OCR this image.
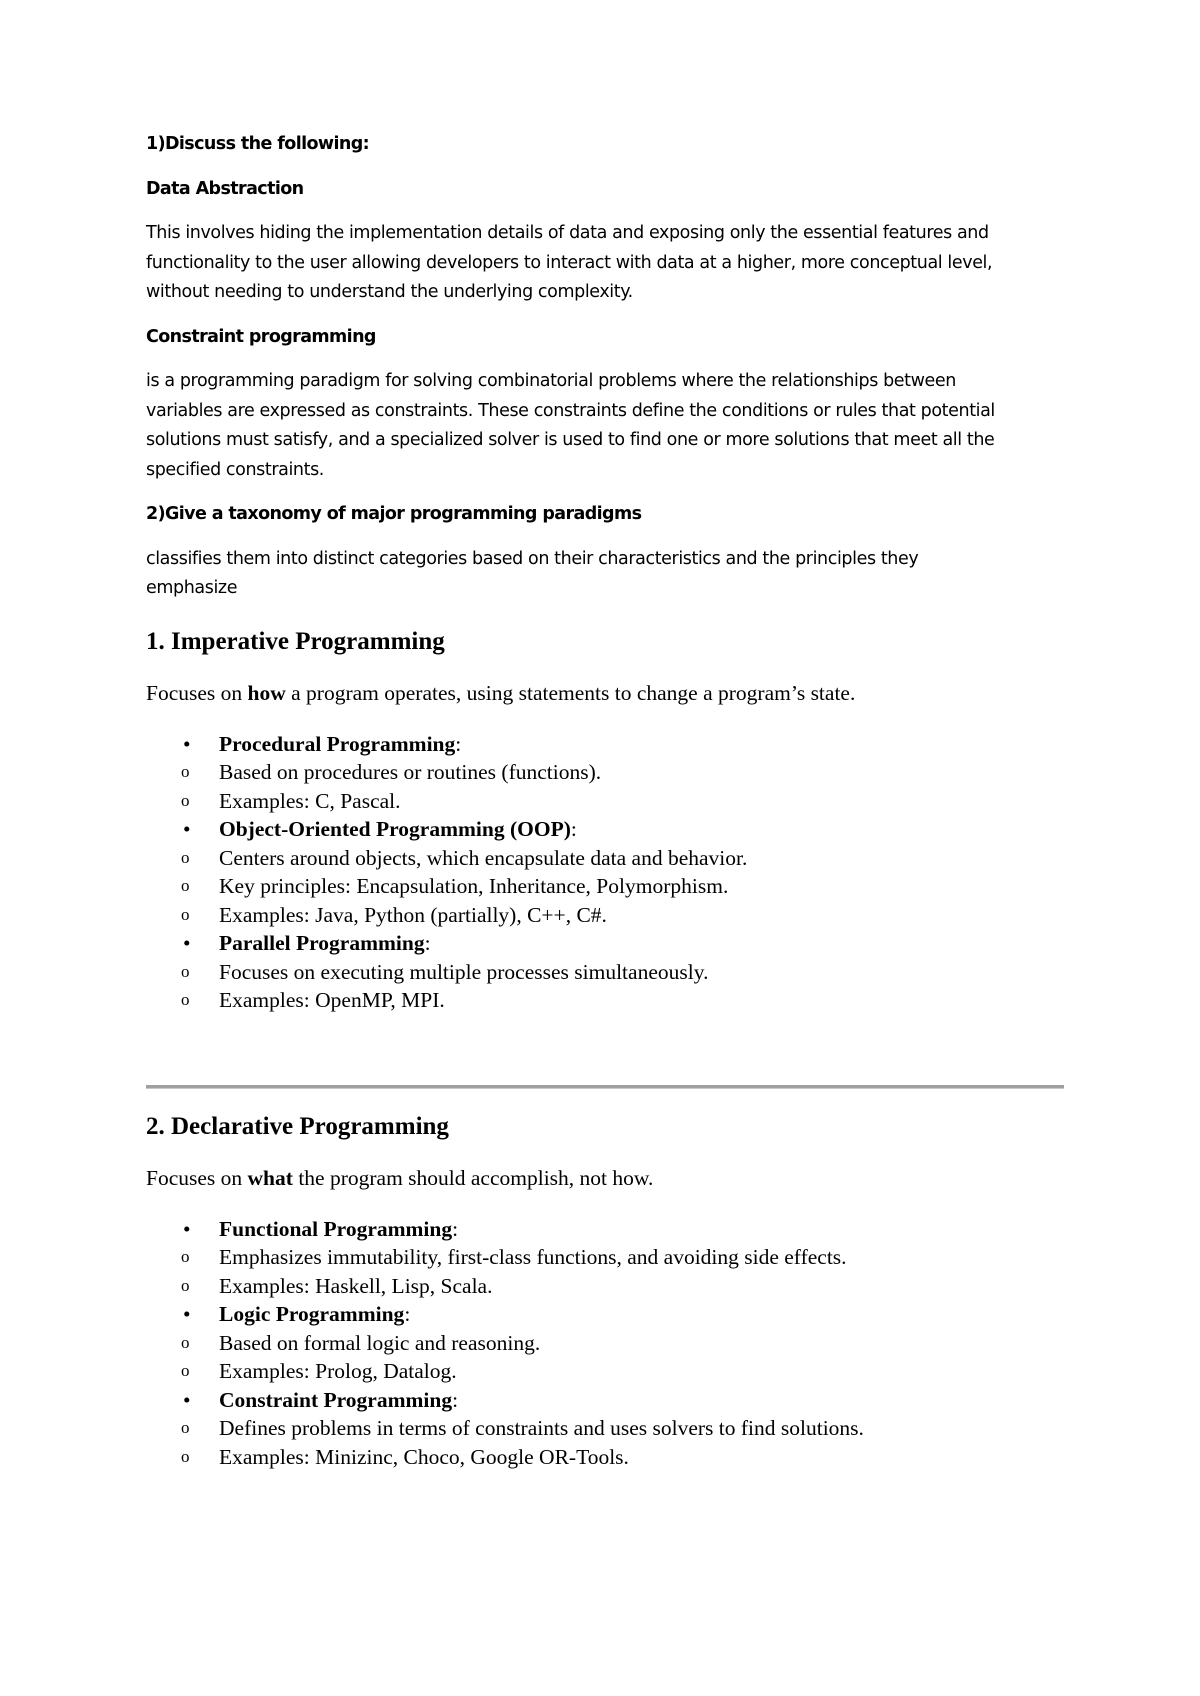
1)Discuss the following:

Data Abstraction

This involves hiding the implementation details of data and exposing only the essential features and
functionality to the user allowing developers to interact with data at a higher, more conceptual level,
without needing to understand the underlying complexity.

Constraint programming

is a programming paradigm for solving combinatorial problems where the relationships between
variables are expressed as constraints. These constraints define the conditions or rules that potential
solutions must satisfy, and a specialized solver is used to find one or more solutions that meet all the
specified constraints.

2)Give a taxonomy of major programming paradigms

classifies them into distinct categories based on their characteristics and the principles they
emphasize
1. Imperative Programming

Focuses on how a program operates, using statements to change a program’s state.

• Procedural Programming:
o	Based on procedures or routines (functions).
o	Examples: C, Pascal.
• Object-Oriented Programming (OOP):
o	Centers around objects, which encapsulate data and behavior.
o	Key principles: Encapsulation, Inheritance, Polymorphism.
o	Examples: Java, Python (partially), C++, C#.
• Parallel Programming:
o	Focuses on executing multiple processes simultaneously.
o	Examples: OpenMP, MPI.
2. Declarative Programming

Focuses on what the program should accomplish, not how.

• Functional Programming:
o	Emphasizes immutability, first-class functions, and avoiding side effects.
o	Examples: Haskell, Lisp, Scala.
• Logic Programming:
o	Based on formal logic and reasoning.
o	Examples: Prolog, Datalog.
• Constraint Programming:
o	Defines problems in terms of constraints and uses solvers to find solutions.
o	Examples: Minizinc, Choco, Google OR-Tools.
